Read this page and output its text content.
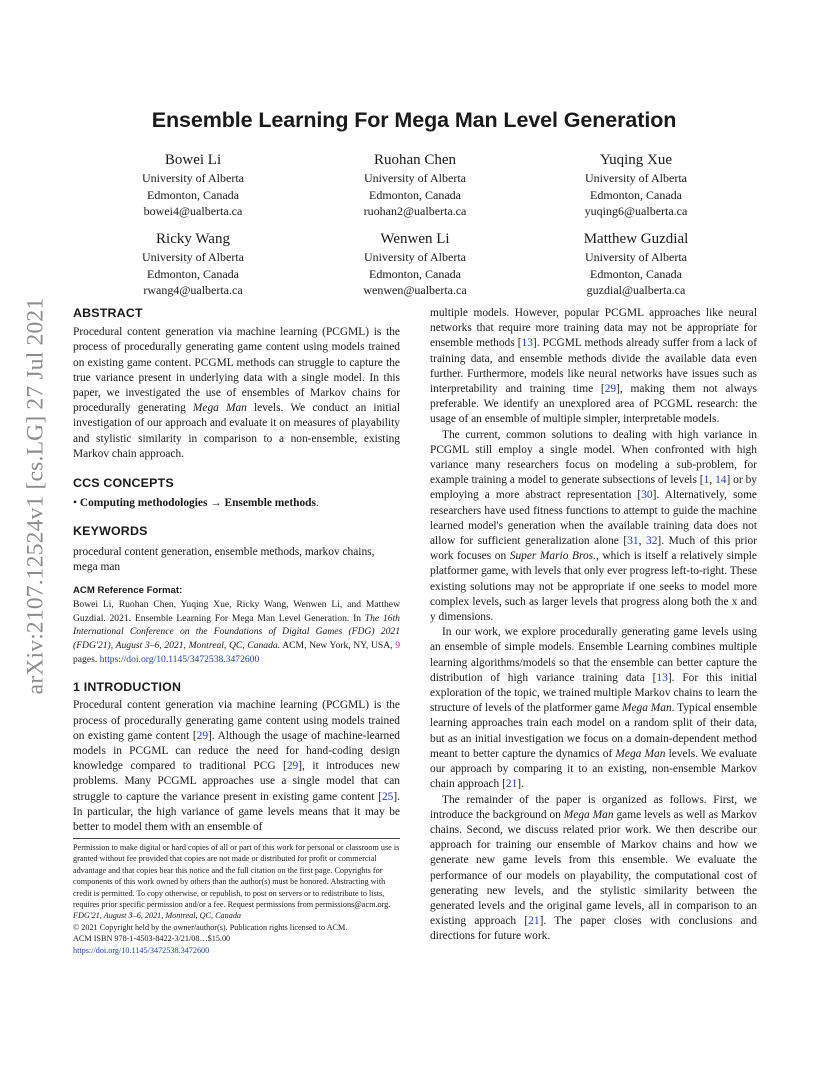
arXiv:2107.12524v1 [cs.LG] 27 Jul 2021
Ensemble Learning For Mega Man Level Generation
Bowei Li
University of Alberta
Edmonton, Canada
bowei4@ualberta.ca
Ruohan Chen
University of Alberta
Edmonton, Canada
ruohan2@ualberta.ca
Yuqing Xue
University of Alberta
Edmonton, Canada
yuqing6@ualberta.ca
Ricky Wang
University of Alberta
Edmonton, Canada
rwang4@ualberta.ca
Wenwen Li
University of Alberta
Edmonton, Canada
wenwen@ualberta.ca
Matthew Guzdial
University of Alberta
Edmonton, Canada
guzdial@ualberta.ca
ABSTRACT

Procedural content generation via machine learning (PCGML) is the process of procedurally generating game content using models trained on existing game content. PCGML methods can struggle to capture the true variance present in underlying data with a single model. In this paper, we investigated the use of ensembles of Markov chains for procedurally generating Mega Man levels. We conduct an initial investigation of our approach and evaluate it on measures of playability and stylistic similarity in comparison to a non-ensemble, existing Markov chain approach.

CCS CONCEPTS

• Computing methodologies → Ensemble methods.

KEYWORDS

procedural content generation, ensemble methods, markov chains, mega man

ACM Reference Format:

Bowei Li, Ruohan Chen, Yuqing Xue, Ricky Wang, Wenwen Li, and Matthew Guzdial. 2021. Ensemble Learning For Mega Man Level Generation. In The 16th International Conference on the Foundations of Digital Games (FDG) 2021 (FDG'21), August 3–6, 2021, Montreal, QC, Canada. ACM, New York, NY, USA, 9 pages. https://doi.org/10.1145/3472538.3472600

1 INTRODUCTION

Procedural content generation via machine learning (PCGML) is the process of procedurally generating game content using models trained on existing game content [29]. Although the usage of machine-learned models in PCGML can reduce the need for hand-coding design knowledge compared to traditional PCG [29], it introduces new problems. Many PCGML approaches use a single model that can struggle to capture the variance present in existing game content [25]. In particular, the high variance of game levels means that it may be better to model them with an ensemble of

Permission to make digital or hard copies of all or part of this work for personal or classroom use is granted without fee provided that copies are not made or distributed for profit or commercial advantage and that copies bear this notice and the full citation on the first page. Copyrights for components of this work owned by others than the author(s) must be honored. Abstracting with credit is permitted. To copy otherwise, or republish, to post on servers or to redistribute to lists, requires prior specific permission and/or a fee. Request permissions from permissions@acm.org.

FDG'21, August 3–6, 2021, Montreal, QC, Canada

© 2021 Copyright held by the owner/author(s). Publication rights licensed to ACM.

ACM ISBN 978-1-4503-8422-3/21/08…$15.00

https://doi.org/10.1145/3472538.3472600

multiple models. However, popular PCGML approaches like neural networks that require more training data may not be appropriate for ensemble methods [13]. PCGML methods already suffer from a lack of training data, and ensemble methods divide the available data even further. Furthermore, models like neural networks have issues such as interpretability and training time [29], making them not always preferable. We identify an unexplored area of PCGML research: the usage of an ensemble of multiple simpler, interpretable models.

The current, common solutions to dealing with high variance in PCGML still employ a single model. When confronted with high variance many researchers focus on modeling a sub-problem, for example training a model to generate subsections of levels [1, 14] or by employing a more abstract representation [30]. Alternatively, some researchers have used fitness functions to attempt to guide the machine learned model's generation when the available training data does not allow for sufficient generalization alone [31, 32]. Much of this prior work focuses on Super Mario Bros., which is itself a relatively simple platformer game, with levels that only ever progress left-to-right. These existing solutions may not be appropriate if one seeks to model more complex levels, such as larger levels that progress along both the x and y dimensions.

In our work, we explore procedurally generating game levels using an ensemble of simple models. Ensemble Learning combines multiple learning algorithms/models so that the ensemble can better capture the distribution of high variance training data [13]. For this initial exploration of the topic, we trained multiple Markov chains to learn the structure of levels of the platformer game Mega Man. Typical ensemble learning approaches train each model on a random split of their data, but as an initial investigation we focus on a domain-dependent method meant to better capture the dynamics of Mega Man levels. We evaluate our approach by comparing it to an existing, non-ensemble Markov chain approach [21].

The remainder of the paper is organized as follows. First, we introduce the background on Mega Man game levels as well as Markov chains. Second, we discuss related prior work. We then describe our approach for training our ensemble of Markov chains and how we generate new game levels from this ensemble. We evaluate the performance of our models on playability, the computational cost of generating new levels, and the stylistic similarity between the generated levels and the original game levels, all in comparison to an existing approach [21]. The paper closes with conclusions and directions for future work.
